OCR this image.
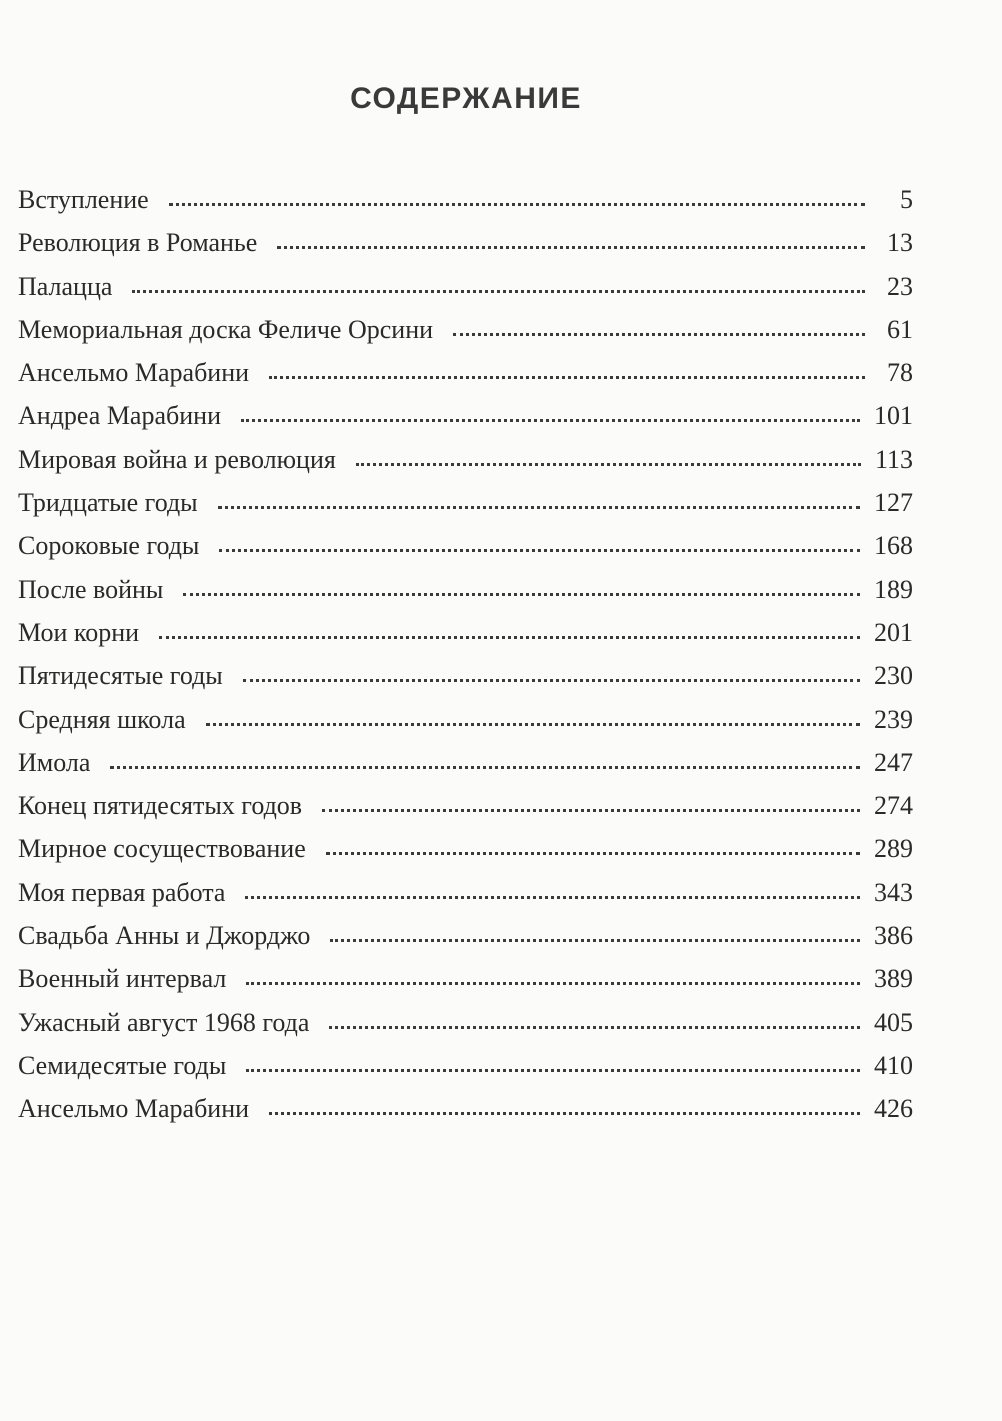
СОДЕРЖАНИЕ
Вступление	5
Революция в Романье	13
Палацца	23
Мемориальная доска Феличе Орсини	61
Ансельмо Марабини	78
Андреа Марабини	101
Мировая война и революция	113
Тридцатые годы	127
Сороковые годы	168
После войны	189
Мои корни	201
Пятидесятые годы	230
Средняя школа	239
Имола	247
Конец пятидесятых годов	274
Мирное сосуществование	289
Моя первая работа	343
Свадьба Анны и Джорджо	386
Военный интервал	389
Ужасный август 1968 года	405
Семидесятые годы	410
Ансельмо Марабини	426
